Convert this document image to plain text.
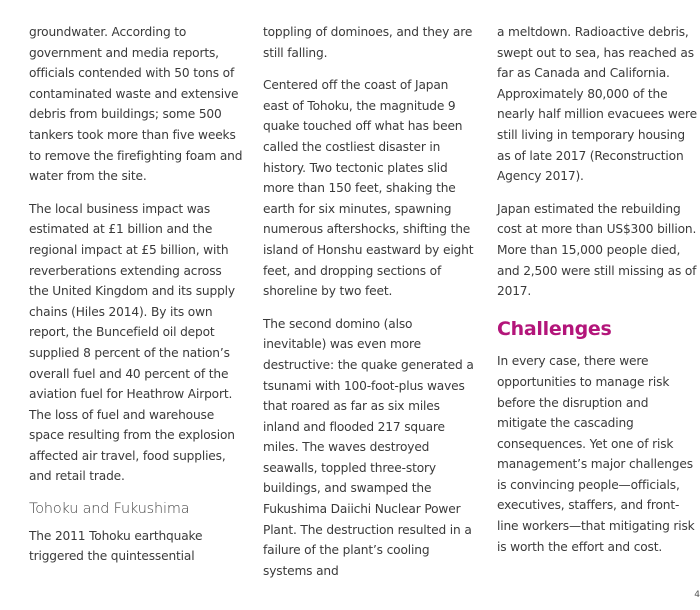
groundwater. According to government and media reports, officials contended with 50 tons of contaminated waste and extensive debris from buildings; some 500 tankers took more than five weeks to remove the firefighting foam and water from the site.

The local business impact was estimated at £1 billion and the regional impact at £5 billion, with reverberations extending across the United Kingdom and its supply chains (Hiles 2014). By its own report, the Buncefield oil depot supplied 8 percent of the nation’s overall fuel and 40 percent of the aviation fuel for Heathrow Airport. The loss of fuel and warehouse space resulting from the explosion affected air travel, food supplies, and retail trade.

Tohoku and Fukushima

The 2011 Tohoku earthquake triggered the quintessential

toppling of dominoes, and they are still falling.

Centered off the coast of Japan east of Tohoku, the magnitude 9 quake touched off what has been called the costliest disaster in history. Two tectonic plates slid more than 150 feet, shaking the earth for six minutes, spawning numerous aftershocks, shifting the island of Honshu eastward by eight feet, and dropping sections of shoreline by two feet.

The second domino (also inevitable) was even more destructive: the quake generated a tsunami with 100-foot-plus waves that roared as far as six miles inland and flooded 217 square miles. The waves destroyed seawalls, toppled three-story buildings, and swamped the Fukushima Daiichi Nuclear Power Plant. The destruction resulted in a failure of the plant’s cooling systems and

a meltdown. Radioactive debris, swept out to sea, has reached as far as Canada and California. Approximately 80,000 of the nearly half million evacuees were still living in temporary housing as of late 2017 (Reconstruction Agency 2017).

Japan estimated the rebuilding cost at more than US$300 billion. More than 15,000 people died, and 2,500 were still missing as of 2017.

Challenges

In every case, there were opportunities to manage risk before the disruption and mitigate the cascading consequences. Yet one of risk management’s major challenges is convincing people—officials, executives, staffers, and front-line workers—that mitigating risk is worth the effort and cost.

4
